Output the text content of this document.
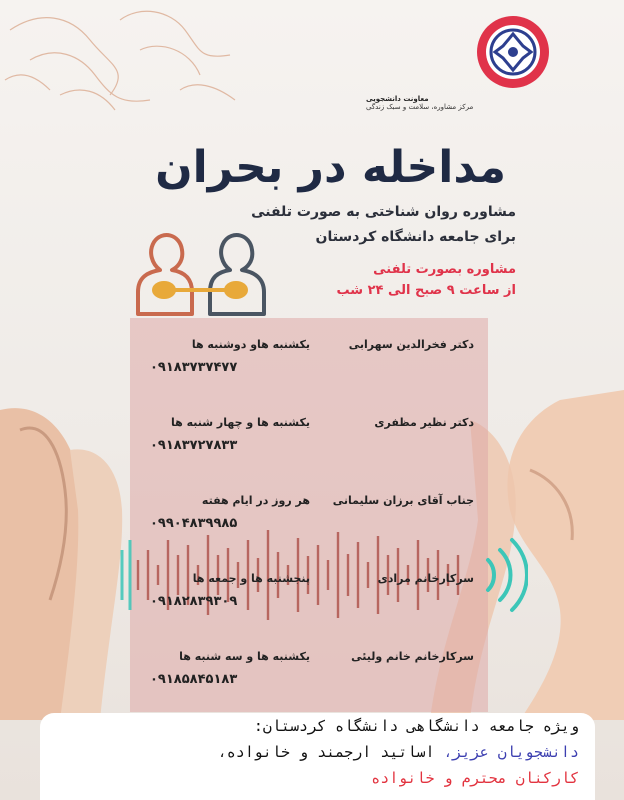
معاونت دانشجویی
مرکز مشاوره، سلامت و سبک زندگی
مداخله در بحران
مشاوره روان شناختی به صورت تلفنی
برای جامعه دانشگاه کردستان
مشاوره بصورت تلفنی
از ساعت ۹ صبح الی ۲۴ شب
دکتر فخرالدین سهرابی
یکشنبه هاو دوشنبه ها
۰۹۱۸۳۷۳۷۴۷۷
دکتر نظیر مظفری
یکشنبه ها و چهار شنبه ها
۰۹۱۸۳۷۲۷۸۳۳
جناب آقای برزان سلیمانی
هر روز در ایام هفته
۰۹۹۰۴۸۳۹۹۸۵
سرکارخانم مرادی
پنجشنبه ها و جمعه ها
۰۹۱۸۲۸۳۹۳۰۹
سرکارخانم خانم ولیئی
یکشنبه ها و سه شنبه ها
۰۹۱۸۵۸۴۵۱۸۳
ویژه جامعه دانشگاهی دانشگاه کردستان:
دانشجویان عزیز، اساتید ارجمند و خانواده،
کارکنان محترم و خانواده
